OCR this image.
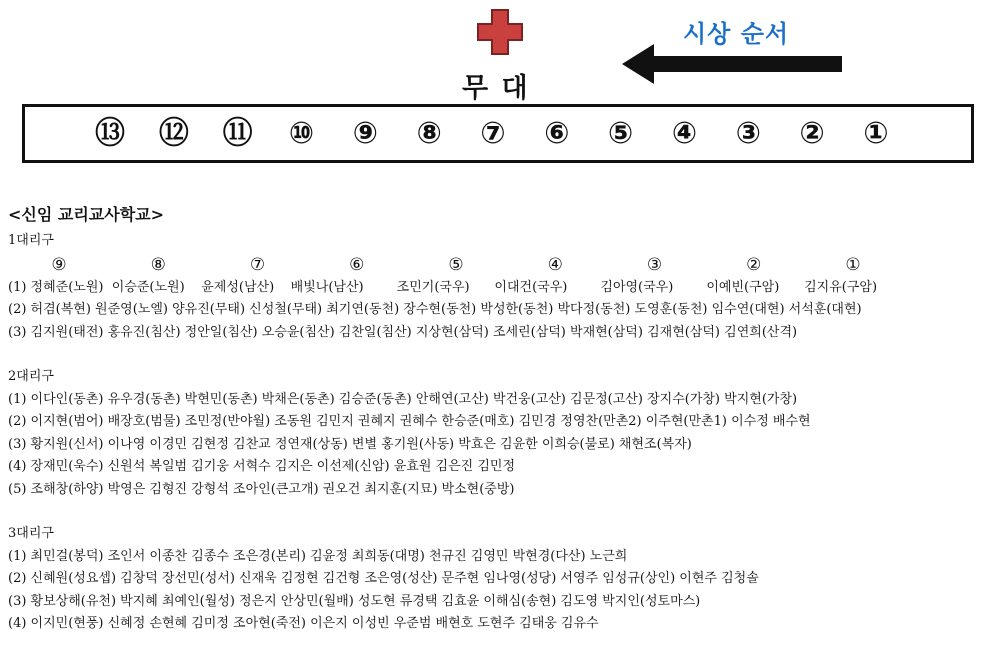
시상 순서
무 대
⑬ ⑫ ⑪	⑩	⑨	⑧	⑦	⑥	⑤	④	③	②	①
<신임 교리교사학교>
1대리구
⑨	⑧	⑦	⑥	⑤	④	③	②	①
(1) 정혜준(노원)  이승준(노원)    윤제성(남산)    배빛나(남산)        조민기(국우)      이대건(국우)        김아영(국우)        이예빈(구암)      김지유(구암)
(2) 허겸(복현) 원준영(노엘) 양유진(무태) 신성철(무태) 최기연(동천) 장수현(동천) 박성한(동천) 박다정(동천) 도영훈(동천) 임수연(대현) 서석훈(대현)
(3) 김지원(태전) 홍유진(침산) 정안일(침산) 오승윤(침산) 김찬일(침산) 지상현(삼덕) 조세린(삼덕) 박재현(삼덕) 김재현(삼덕) 김연희(산격)
2대리구
(1) 이다인(동촌) 유우경(동촌) 박현민(동촌) 박채은(동촌) 김승준(동촌) 안해연(고산) 박건웅(고산) 김문정(고산) 장지수(가창) 박지현(가창)
(2) 이지현(범어) 배장호(범물) 조민정(반야월) 조동원 김민지 권혜지 권혜수 한승준(매호) 김민경 정영찬(만촌2) 이주현(만촌1) 이수정 배수현
(3) 황지원(신서) 이나영 이경민 김현정 김찬교 정연재(상동) 변별 홍기원(사동) 박효은 김윤한 이희승(불로) 채현조(복자)
(4) 장재민(욱수) 신원석 복일범 김기웅 서혁수 김지은 이선제(신암) 윤효원 김은진 김민정
(5) 조해창(하양) 박영은 김형진 강형석 조아인(큰고개) 권오건 최지훈(지묘) 박소현(중방)
3대리구
(1) 최민걸(봉덕) 조인서 이종찬 김종수 조은경(본리) 김윤정 최희동(대명) 천규진 김영민 박현경(다산) 노근희
(2) 신혜원(성요셉) 김창덕 장선민(성서) 신재욱 김정현 김건형 조은영(성산) 문주현 임나영(성당) 서영주 임성규(상인) 이현주 김청솔
(3) 황보상해(유천) 박지혜 최예인(월성) 정은지 안상민(월배) 성도현 류경택 김효윤 이해심(송현) 김도영 박지인(성토마스)
(4) 이지민(현풍) 신혜정 손현혜 김미정 조아현(죽전) 이은지 이성빈 우준범 배현호 도현주 김태웅 김유수
